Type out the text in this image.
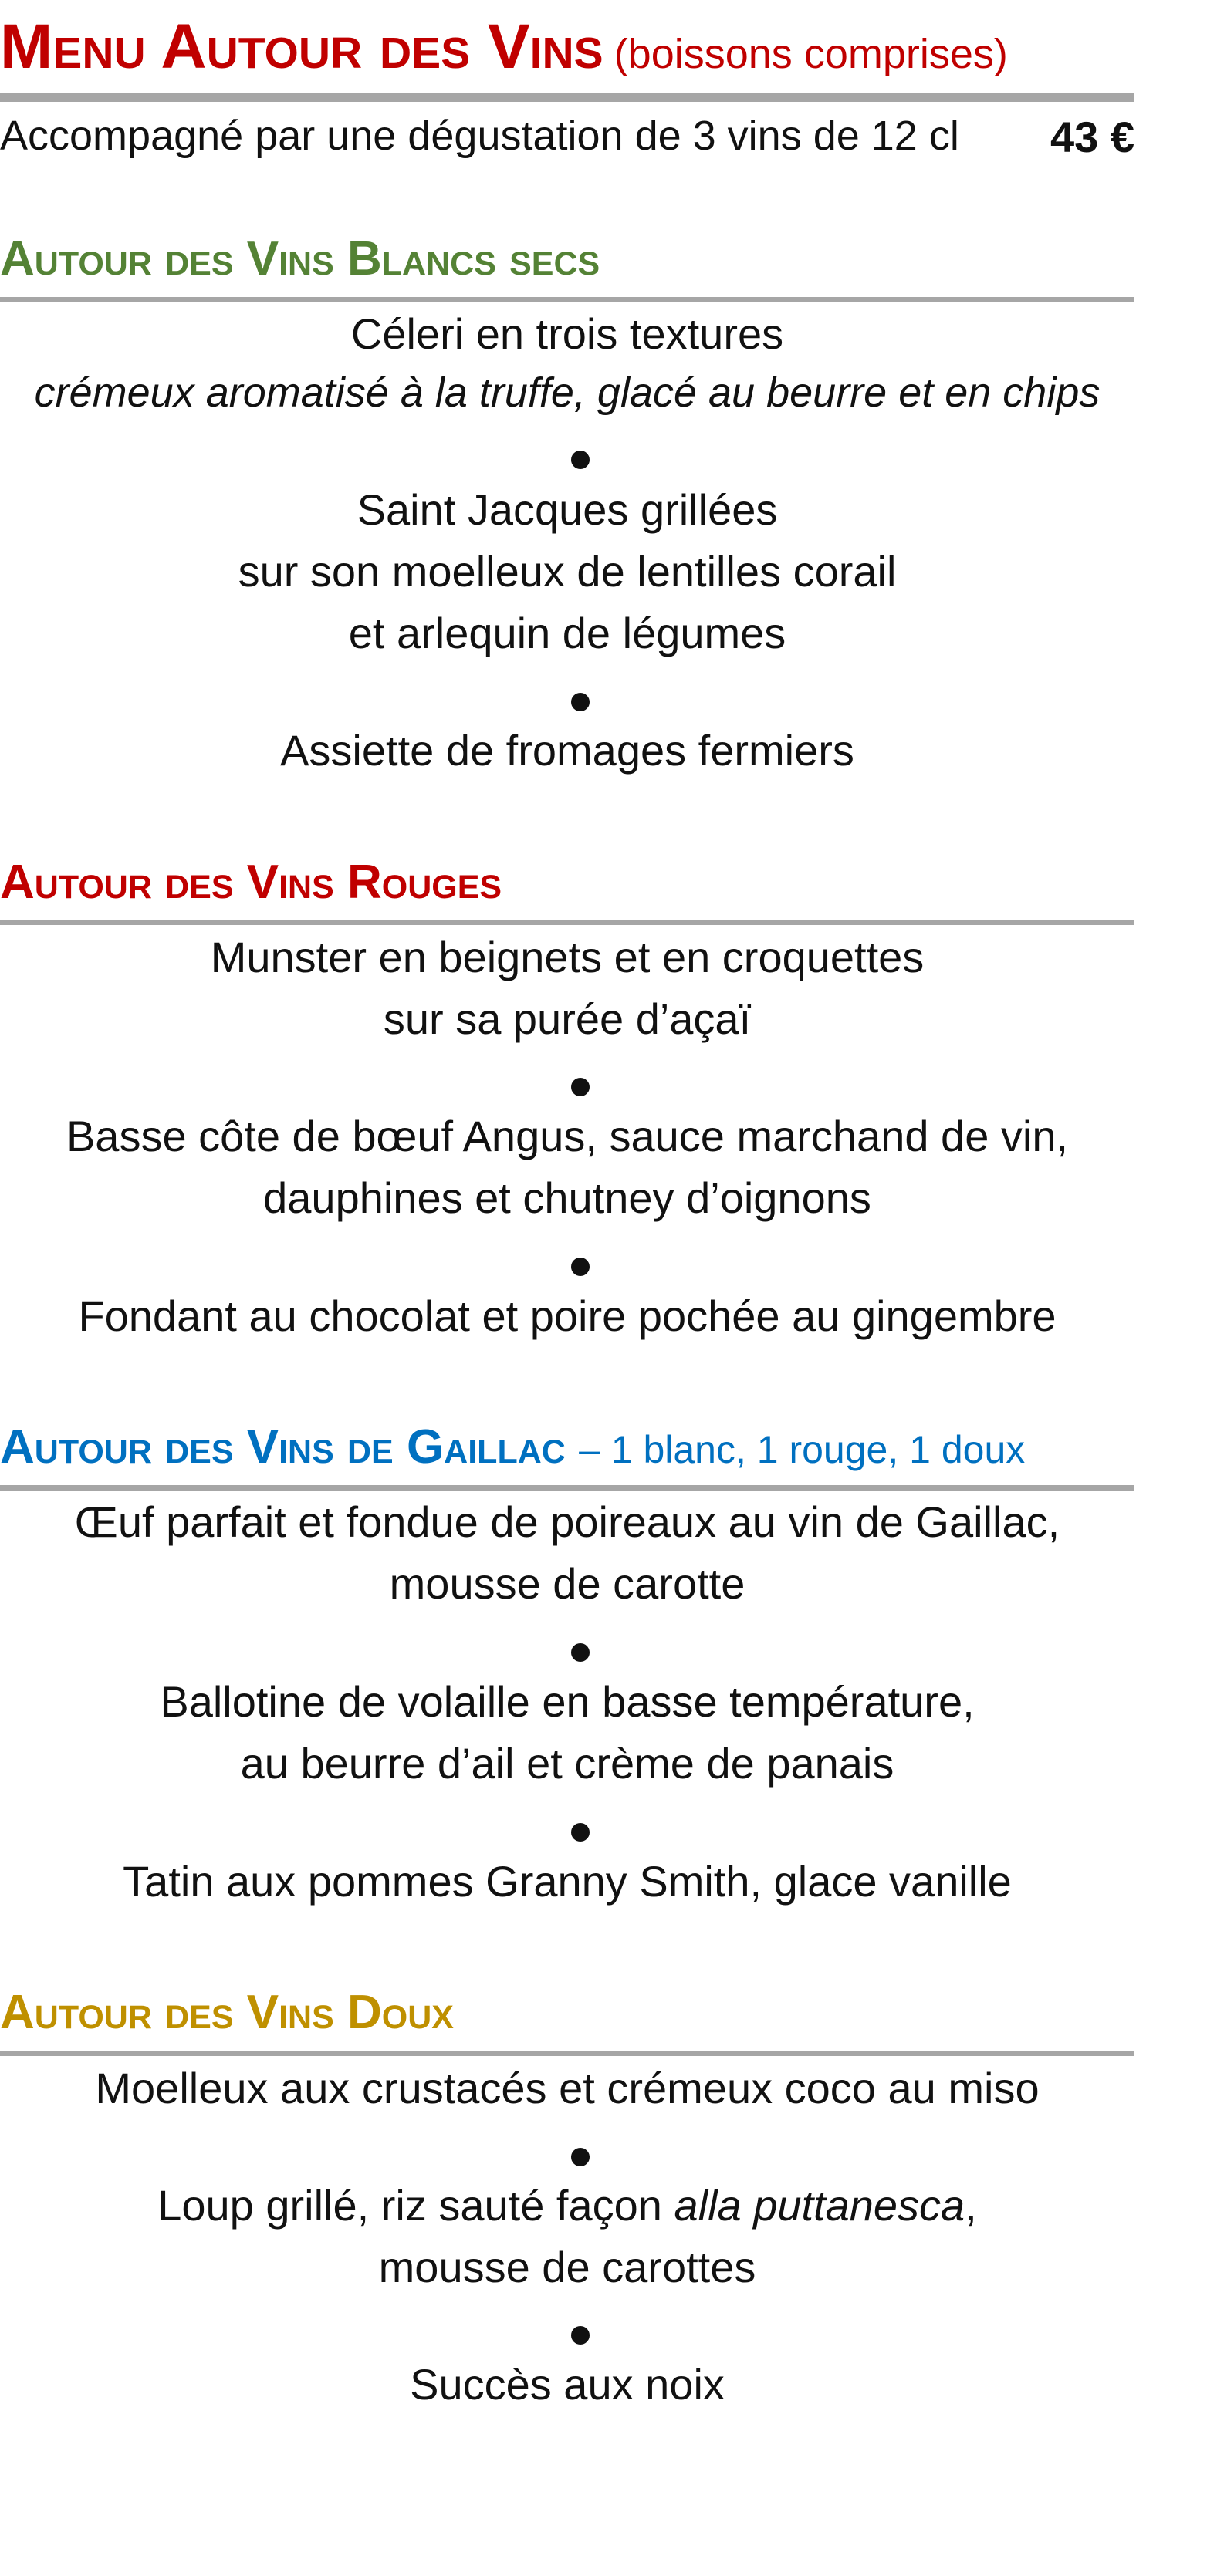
Menu Autour des Vins (boissons comprises)
Accompagné par une dégustation de 3 vins de 12 cl 43 €
Autour des Vins Blancs secs
Céleri en trois textures
crémeux aromatisé à la truffe, glacé au beurre et en chips
Saint Jacques grillées
sur son moelleux de lentilles corail
et arlequin de légumes
Assiette de fromages fermiers
Autour des Vins Rouges
Munster en beignets et en croquettes
sur sa purée d’açaï
Basse côte de bœuf Angus, sauce marchand de vin,
dauphines et chutney d’oignons
Fondant au chocolat et poire pochée au gingembre
Autour des Vins de Gaillac – 1 blanc, 1 rouge, 1 doux
Œuf parfait et fondue de poireaux au vin de Gaillac,
mousse de carotte
Ballotine de volaille en basse température,
au beurre d’ail et crème de panais
Tatin aux pommes Granny Smith, glace vanille
Autour des Vins Doux
Moelleux aux crustacés et crémeux coco au miso
Loup grillé, riz sauté façon alla puttanesca,
mousse de carottes
Succès aux noix
